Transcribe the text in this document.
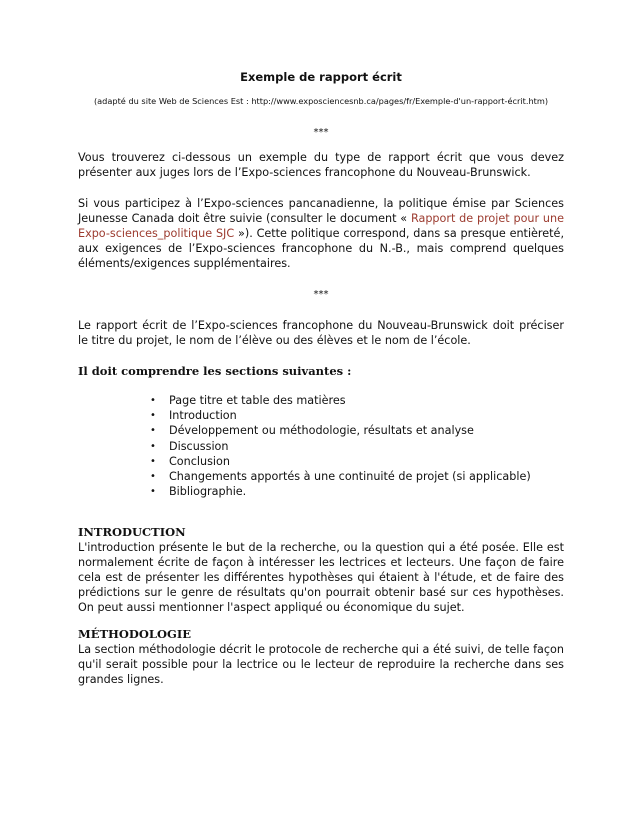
Exemple de rapport écrit
(adapté du site Web de Sciences Est : http://www.exposciencesnb.ca/pages/fr/Exemple-d'un-rapport-écrit.htm)
***

Vous trouverez ci-dessous un exemple du type de rapport écrit que vous devez présenter aux juges lors de l’Expo-sciences francophone du Nouveau-Brunswick.

Si vous participez à l’Expo-sciences pancanadienne, la politique émise par Sciences Jeunesse Canada doit être suivie (consulter le document « Rapport de projet pour une Expo-sciences_politique SJC »). Cette politique correspond, dans sa presque entièreté, aux exigences de l’Expo-sciences francophone du N.-B., mais comprend quelques éléments/exigences supplémentaires.

***

Le rapport écrit de l’Expo-sciences francophone du Nouveau-Brunswick doit préciser le titre du projet, le nom de l’élève ou des élèves et le nom de l’école.

Il doit comprendre les sections suivantes :
• Page titre et table des matières
• Introduction
• Développement ou méthodologie, résultats et analyse
• Discussion
• Conclusion
• Changements apportés à une continuité de projet (si applicable)
• Bibliographie.
INTRODUCTION

L'introduction présente le but de la recherche, ou la question qui a été posée. Elle est normalement écrite de façon à intéresser les lectrices et lecteurs. Une façon de faire cela est de présenter les différentes hypothèses qui étaient à l'étude, et de faire des prédictions sur le genre de résultats qu'on pourrait obtenir basé sur ces hypothèses. On peut aussi mentionner l'aspect appliqué ou économique du sujet.

MÉTHODOLOGIE

La section méthodologie décrit le protocole de recherche qui a été suivi, de telle façon qu'il serait possible pour la lectrice ou le lecteur de reproduire la recherche dans ses grandes lignes.
